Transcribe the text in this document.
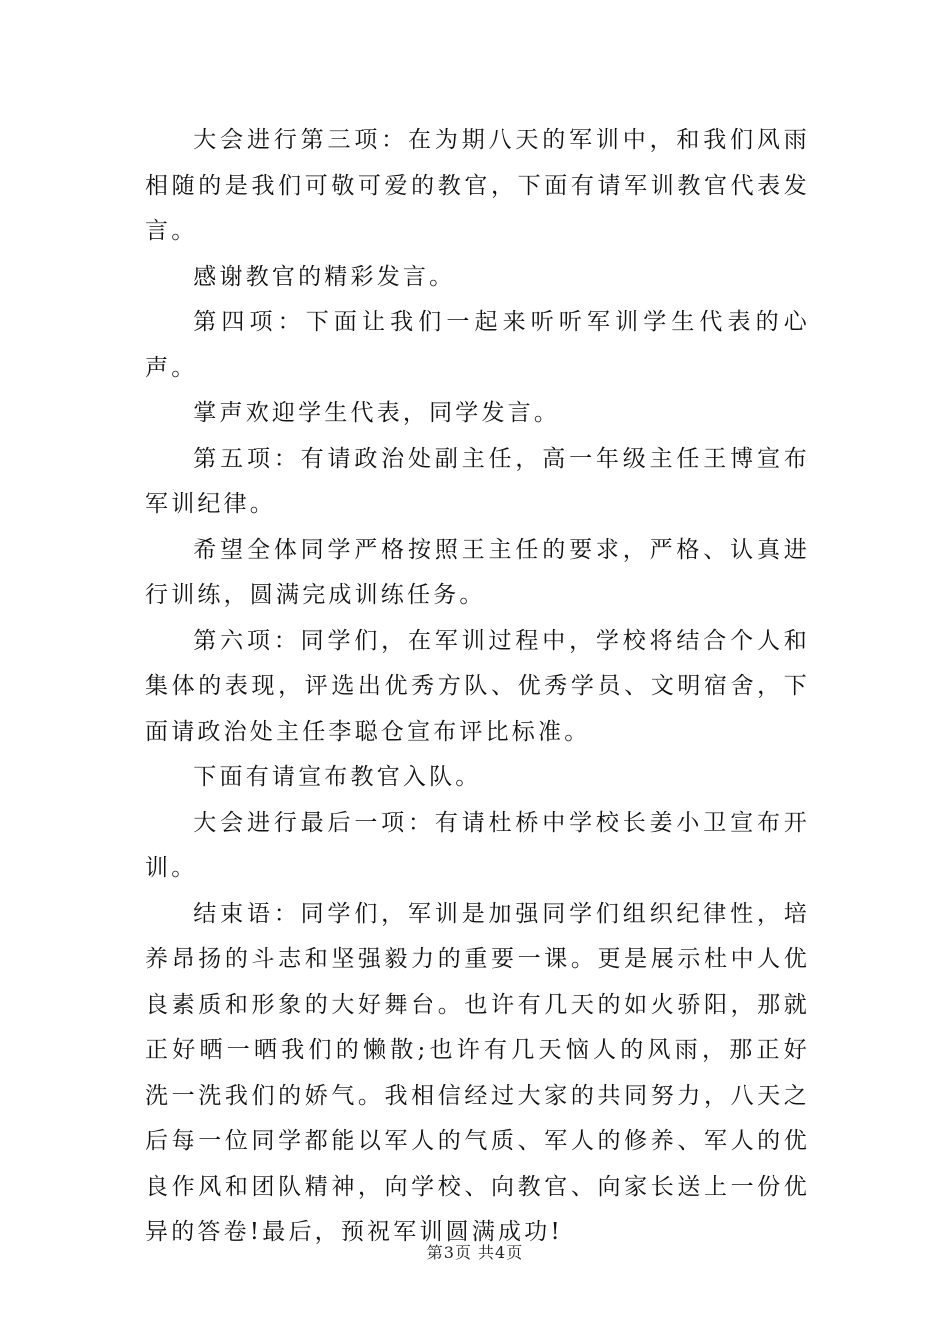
大会进行第三项：在为期八天的军训中，和我们风雨相随的是我们可敬可爱的教官，下面有请军训教官代表发言。

感谢教官的精彩发言。

第四项：下面让我们一起来听听军训学生代表的心声。

掌声欢迎学生代表，同学发言。

第五项：有请政治处副主任，高一年级主任王博宣布军训纪律。

希望全体同学严格按照王主任的要求，严格、认真进行训练，圆满完成训练任务。

第六项：同学们，在军训过程中，学校将结合个人和集体的表现，评选出优秀方队、优秀学员、文明宿舍，下面请政治处主任李聪仓宣布评比标准。

下面有请宣布教官入队。

大会进行最后一项：有请杜桥中学校长姜小卫宣布开训。

结束语：同学们，军训是加强同学们组织纪律性，培养昂扬的斗志和坚强毅力的重要一课。更是展示杜中人优良素质和形象的大好舞台。也许有几天的如火骄阳，那就正好晒一晒我们的懒散;也许有几天恼人的风雨，那正好洗一洗我们的娇气。我相信经过大家的共同努力，八天之后每一位同学都能以军人的气质、军人的修养、军人的优良作风和团队精神，向学校、向教官、向家长送上一份优异的答卷!最后，预祝军训圆满成功!

第3页 共4页
